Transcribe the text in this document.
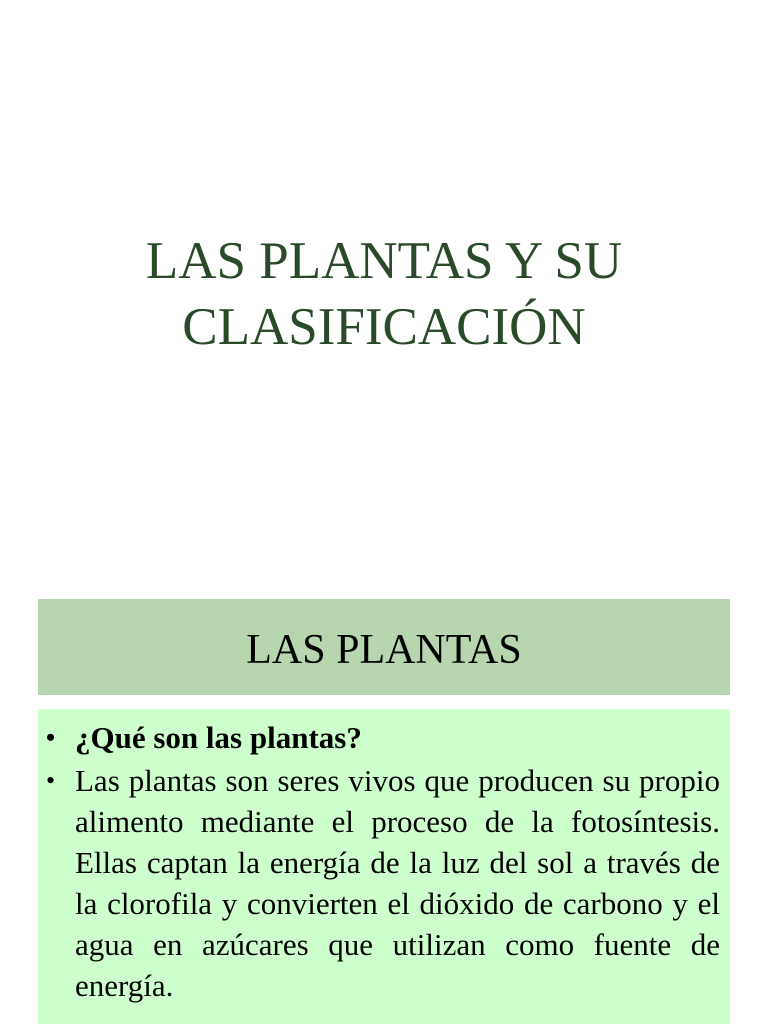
LAS PLANTAS Y SU
CLASIFICACIÓN
LAS PLANTAS
• ¿Qué son las plantas?
• Las plantas son seres vivos que producen su propio alimento mediante el proceso de la fotosíntesis. Ellas captan la energía de la luz del sol a través de la clorofila y convierten el dióxido de carbono y el agua en azúcares que utilizan como fuente de energía.
